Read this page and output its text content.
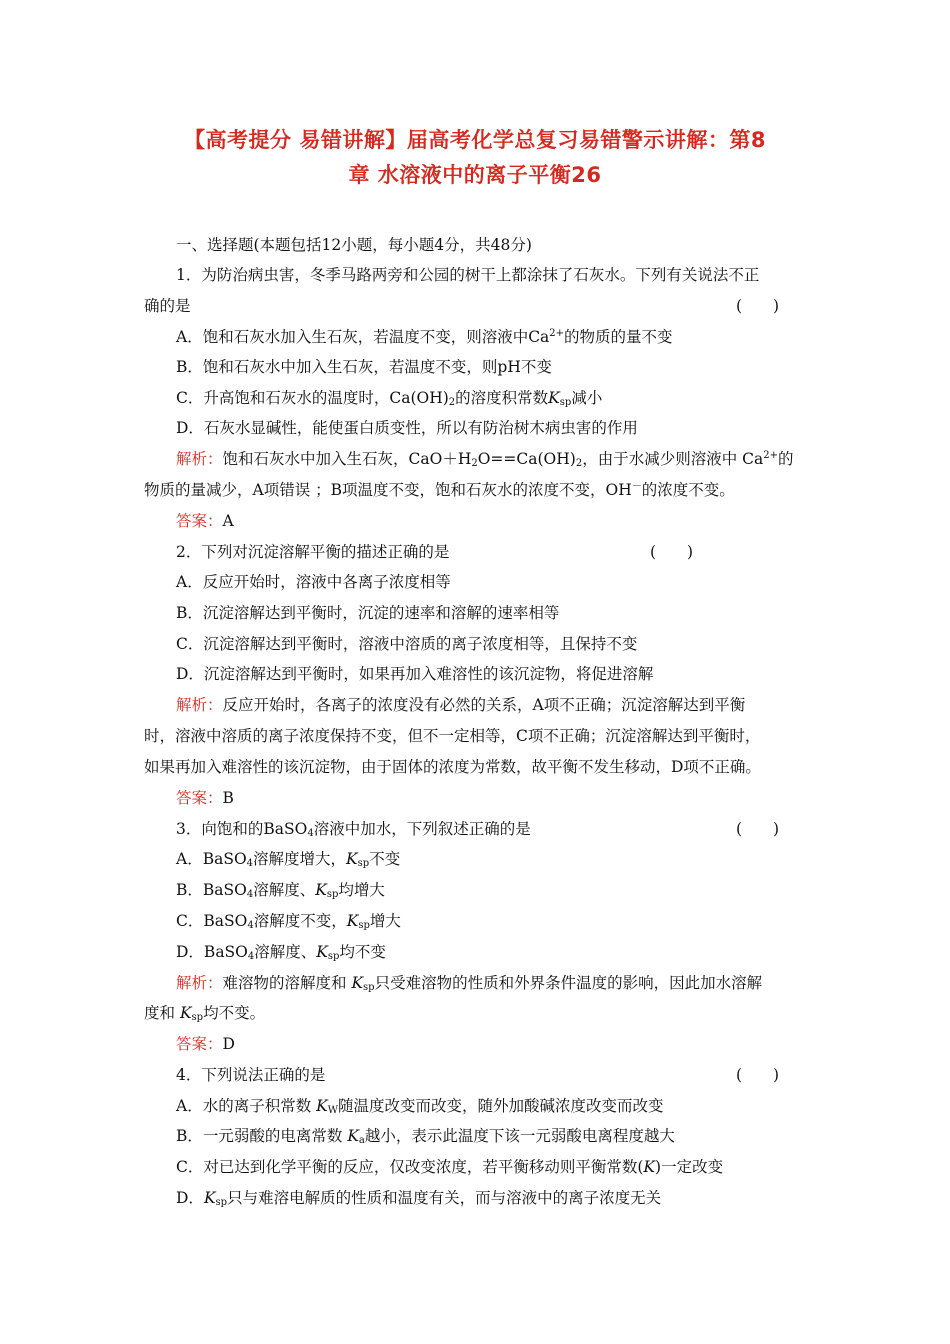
【高考提分 易错讲解】届高考化学总复习易错警示讲解：第8
章 水溶液中的离子平衡26
一、选择题(本题包括12小题，每小题4分，共48分)
1．为防治病虫害，冬季马路两旁和公园的树干上都涂抹了石灰水。下列有关说法不正
确的是	(　　)
A．饱和石灰水加入生石灰，若温度不变，则溶液中$Ca^{2+}$的物质的量不变
B．饱和石灰水中加入生石灰，若温度不变，则pH不变
C．升高饱和石灰水的温度时，$Ca(OH)_2$的溶度积常数$K_{sp}$减小
D．石灰水显碱性，能使蛋白质变性，所以有防治树木病虫害的作用
解析：饱和石灰水中加入生石灰，$CaO+H_2O==Ca(OH)_2$，由于水减少则溶液中 $Ca^{2+}$的
物质的量减少，A项错误 ；B项温度不变，饱和石灰水的浓度不变，OH－的浓度不变。
答案：A
2．下列对沉淀溶解平衡的描述正确的是	(　　)
A．反应开始时，溶液中各离子浓度相等
B．沉淀溶解达到平衡时，沉淀的速率和溶解的速率相等
C．沉淀溶解达到平衡时，溶液中溶质的离子浓度相等，且保持不变
D．沉淀溶解达到平衡时，如果再加入难溶性的该沉淀物，将促进溶解
解析：反应开始时，各离子的浓度没有必然的关系，A项不正确；沉淀溶解达到平衡
时，溶液中溶质的离子浓度保持不变，但不一定相等，C项不正确；沉淀溶解达到平衡时，
如果再加入难溶性的该沉淀物，由于固体的浓度为常数，故平衡不发生移动，D项不正确。
答案：B
3．向饱和的BaSO$_4$溶液中加水，下列叙述正确的是	(　　)
A．BaSO$_4$溶解度增大，$K_{sp}$不变
B．BaSO$_4$溶解度、$K_{sp}$均增大
C．BaSO$_4$溶解度不变，$K_{sp}$增大
D．BaSO$_4$溶解度、$K_{sp}$均不变
解析：难溶物的溶解度和 $K_{sp}$只受难溶物的性质和外界条件温度的影响，因此加水溶解
度和 $K_{sp}$均不变。
答案：D
4．下列说法正确的是	(　　)
A．水的离子积常数 $K_W$随温度改变而改变，随外加酸碱浓度改变而改变
B．一元弱酸的电离常数 $K_a$越小，表示此温度下该一元弱酸电离程度越大
C．对已达到化学平衡的反应，仅改变浓度，若平衡移动则平衡常数(K)一定改变
D．$K_{sp}$只与难溶电解质的性质和温度有关，而与溶液中的离子浓度无关
